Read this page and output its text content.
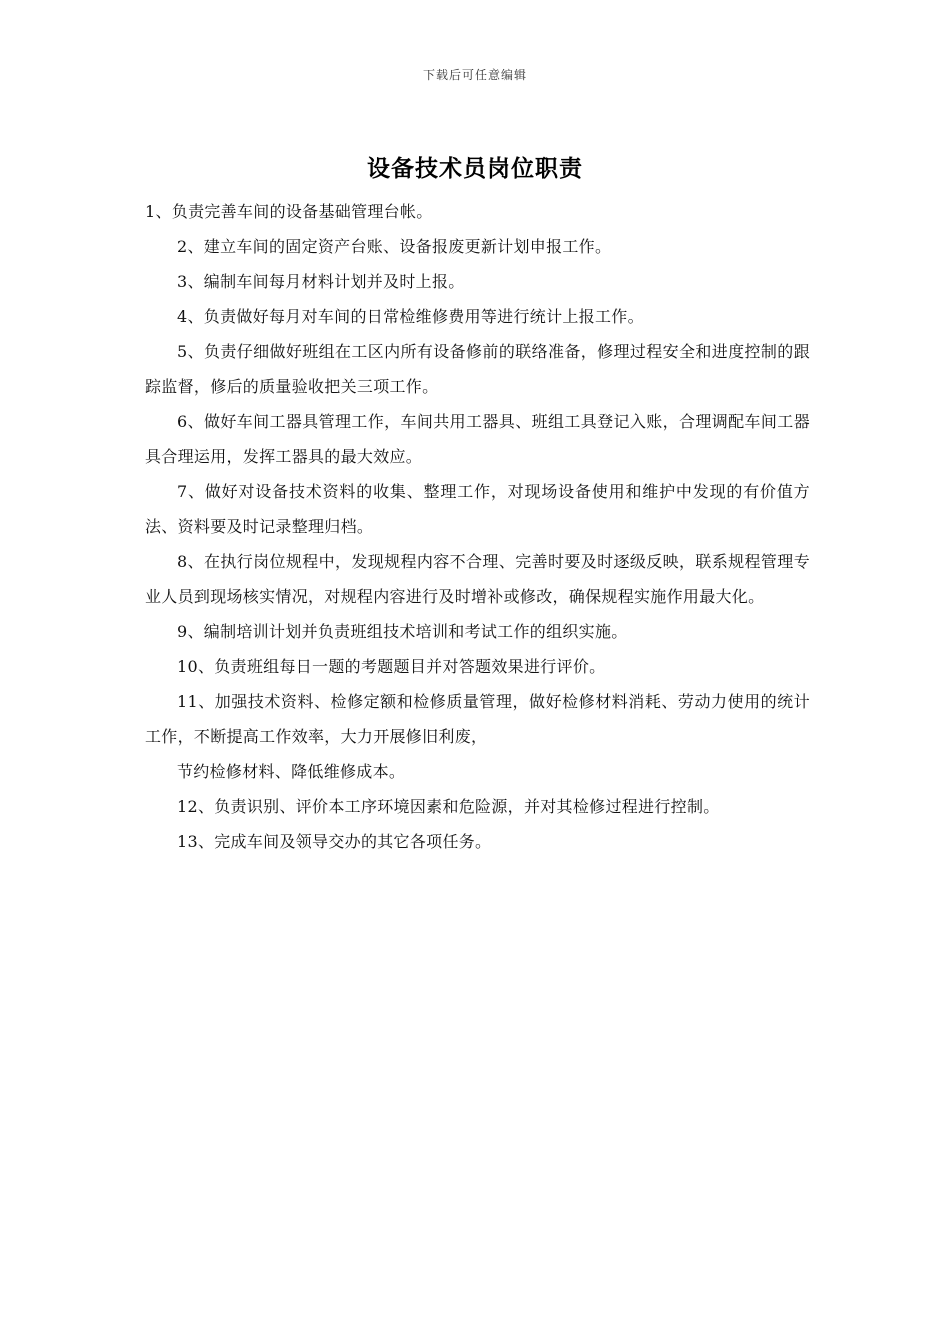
下载后可任意编辑
设备技术员岗位职责

1、负责完善车间的设备基础管理台帐。

2、建立车间的固定资产台账、设备报废更新计划申报工作。

3、编制车间每月材料计划并及时上报。

4、负责做好每月对车间的日常检维修费用等进行统计上报工作。

5、负责仔细做好班组在工区内所有设备修前的联络准备，修理过程安全和进度控制的跟踪监督，修后的质量验收把关三项工作。

6、做好车间工器具管理工作，车间共用工器具、班组工具登记入账，合理调配车间工器具合理运用，发挥工器具的最大效应。

7、做好对设备技术资料的收集、整理工作，对现场设备使用和维护中发现的有价值方法、资料要及时记录整理归档。

8、在执行岗位规程中，发现规程内容不合理、完善时要及时逐级反映，联系规程管理专业人员到现场核实情况，对规程内容进行及时增补或修改，确保规程实施作用最大化。

9、编制培训计划并负责班组技术培训和考试工作的组织实施。

10、负责班组每日一题的考题题目并对答题效果进行评价。

11、加强技术资料、检修定额和检修质量管理，做好检修材料消耗、劳动力使用的统计工作，不断提高工作效率，大力开展修旧利废，

节约检修材料、降低维修成本。

12、负责识别、评价本工序环境因素和危险源，并对其检修过程进行控制。

13、完成车间及领导交办的其它各项任务。
